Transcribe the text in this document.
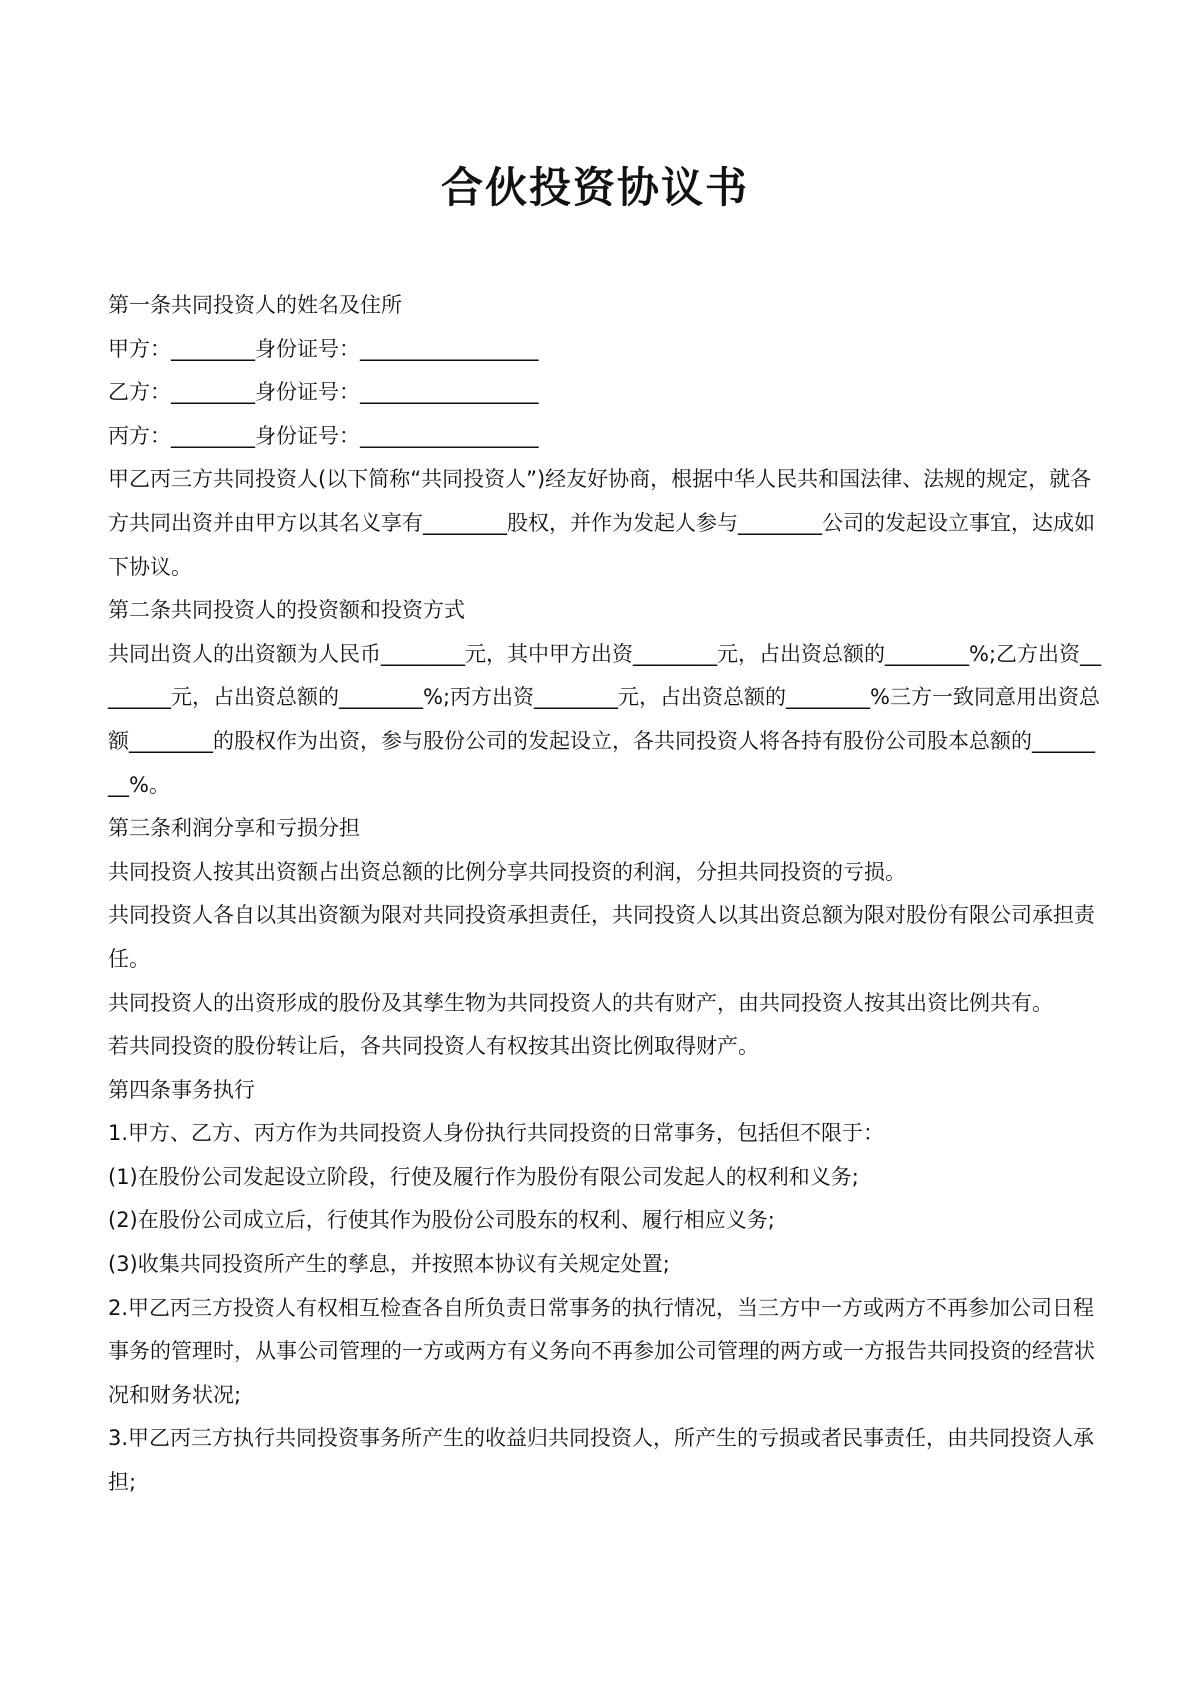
合伙投资协议书
第一条共同投资人的姓名及住所
甲方：________身份证号：_________________
乙方：________身份证号：_________________
丙方：________身份证号：_________________
甲乙丙三方共同投资人(以下简称“共同投资人”)经友好协商，根据中华人民共和国法律、法规的规定，就各方共同出资并由甲方以其名义享有________股权，并作为发起人参与________公司的发起设立事宜，达成如下协议。
第二条共同投资人的投资额和投资方式
共同出资人的出资额为人民币________元，其中甲方出资________元，占出资总额的________%;乙方出资________元，占出资总额的________%;丙方出资________元，占出资总额的________%三方一致同意用出资总额________的股权作为出资，参与股份公司的发起设立，各共同投资人将各持有股份公司股本总额的________%。
第三条利润分享和亏损分担
共同投资人按其出资额占出资总额的比例分享共同投资的利润，分担共同投资的亏损。
共同投资人各自以其出资额为限对共同投资承担责任，共同投资人以其出资总额为限对股份有限公司承担责任。
共同投资人的出资形成的股份及其孳生物为共同投资人的共有财产，由共同投资人按其出资比例共有。
若共同投资的股份转让后，各共同投资人有权按其出资比例取得财产。
第四条事务执行
1.甲方、乙方、丙方作为共同投资人身份执行共同投资的日常事务，包括但不限于：
(1)在股份公司发起设立阶段，行使及履行作为股份有限公司发起人的权利和义务;
(2)在股份公司成立后，行使其作为股份公司股东的权利、履行相应义务;
(3)收集共同投资所产生的孳息，并按照本协议有关规定处置;
2.甲乙丙三方投资人有权相互检查各自所负责日常事务的执行情况，当三方中一方或两方不再参加公司日程事务的管理时，从事公司管理的一方或两方有义务向不再参加公司管理的两方或一方报告共同投资的经营状况和财务状况;
3.甲乙丙三方执行共同投资事务所产生的收益归共同投资人，所产生的亏损或者民事责任，由共同投资人承担;
